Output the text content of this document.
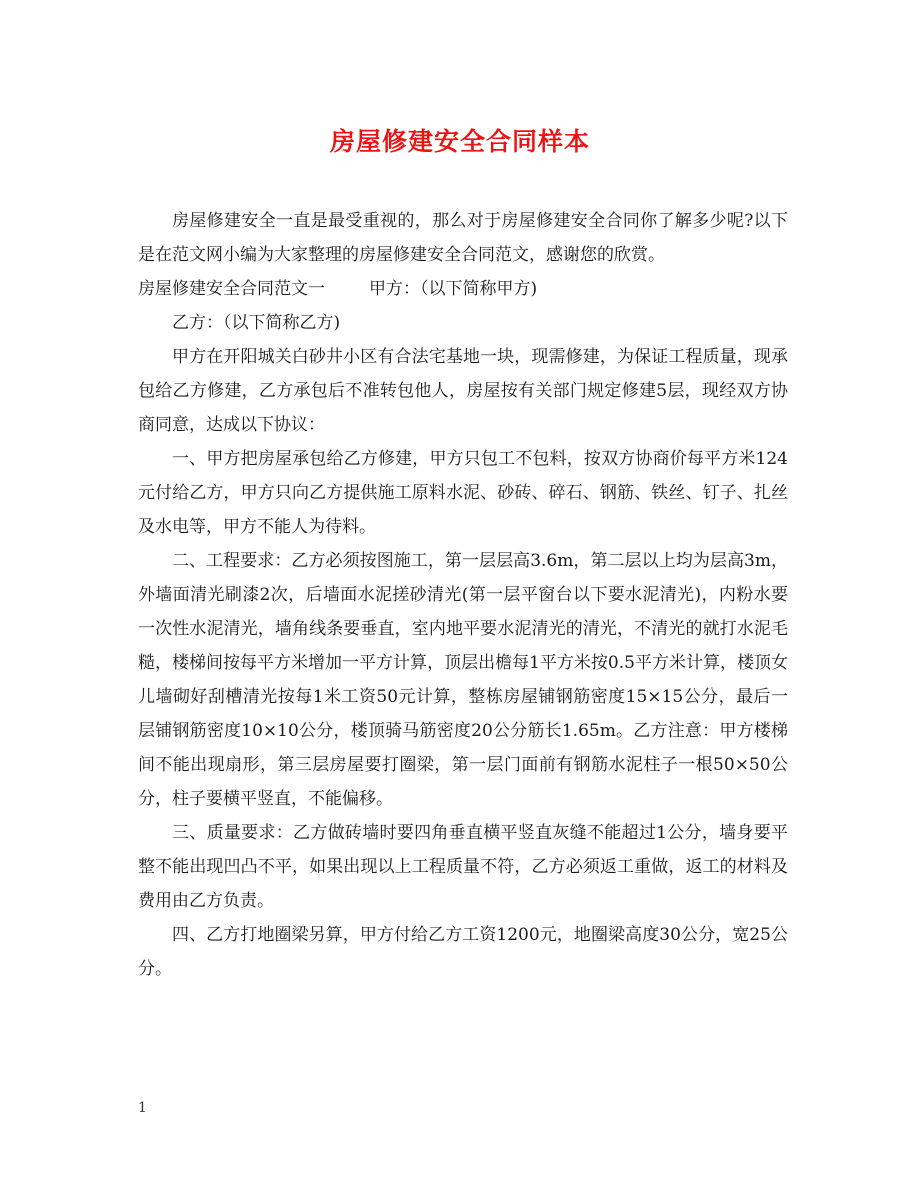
房屋修建安全合同样本

房屋修建安全一直是最受重视的，那么对于房屋修建安全合同你了解多少呢?以下是在范文网小编为大家整理的房屋修建安全合同范文，感谢您的欣赏。

房屋修建安全合同范文一	甲方：（以下简称甲方)

乙方：（以下简称乙方)

甲方在开阳城关白砂井小区有合法宅基地一块，现需修建，为保证工程质量，现承包给乙方修建，乙方承包后不准转包他人，房屋按有关部门规定修建5层，现经双方协商同意，达成以下协议：

一、甲方把房屋承包给乙方修建，甲方只包工不包料，按双方协商价每平方米124元付给乙方，甲方只向乙方提供施工原料水泥、砂砖、碎石、钢筋、铁丝、钉子、扎丝及水电等，甲方不能人为待料。

二、工程要求：乙方必须按图施工，第一层层高3.6m，第二层以上均为层高3m，外墙面清光刷漆2次，后墙面水泥搓砂清光(第一层平窗台以下要水泥清光)，内粉水要一次性水泥清光，墙角线条要垂直，室内地平要水泥清光的清光，不清光的就打水泥毛糙，楼梯间按每平方米增加一平方计算，顶层出檐每1平方米按0.5平方米计算，楼顶女儿墙砌好刮槽清光按每1米工资50元计算，整栋房屋铺钢筋密度15×15公分，最后一层铺钢筋密度10×10公分，楼顶骑马筋密度20公分筋长1.65m。乙方注意：甲方楼梯间不能出现扇形，第三层房屋要打圈梁，第一层门面前有钢筋水泥柱子一根50×50公分，柱子要横平竖直，不能偏移。

三、质量要求：乙方做砖墙时要四角垂直横平竖直灰缝不能超过1公分，墙身要平整不能出现凹凸不平，如果出现以上工程质量不符，乙方必须返工重做，返工的材料及费用由乙方负责。

四、乙方打地圈梁另算，甲方付给乙方工资1200元，地圈梁高度30公分，宽25公分。

1
